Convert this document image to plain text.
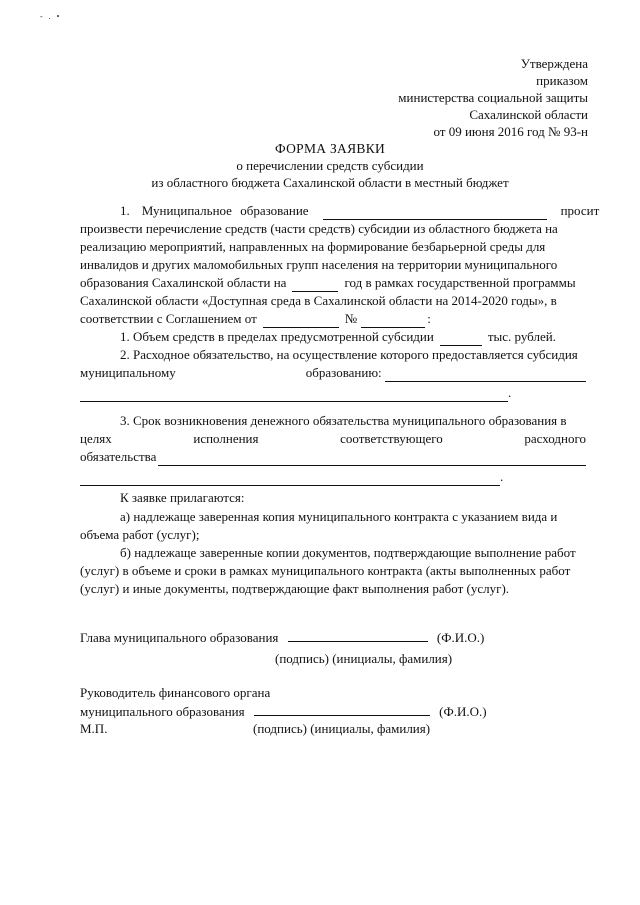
- . •
Утверждена
приказом
министерства социальной защиты
Сахалинской области
от 09 июня 2016 год № 93-н
ФОРМА ЗАЯВКИ
о перечислении средств субсидии
из областного бюджета Сахалинской области в местный бюджет
1. Муниципальное образование	просит
произвести перечисление средств (части средств) субсидии из областного бюджета на
реализацию мероприятий, направленных на формирование безбарьерной среды для
инвалидов и других маломобильных групп населения на территории муниципального
образования Сахалинской области на	год в рамках государственной программы
Сахалинской области «Доступная среда в Сахалинской области на 2014-2020 годы», в
соответствии с Соглашением от	№	:
1. Объем средств в пределах предусмотренной субсидии	тыс. рублей.
2. Расходное обязательство, на осуществление которого предоставляется субсидия
муниципальному	образованию:
.
3. Срок возникновения денежного обязательства муниципального образования в
целях	исполнения	соответствующего	расходного
обязательства
.
К заявке прилагаются:
а) надлежаще заверенная копия муниципального контракта с указанием вида и
объема работ (услуг);
б) надлежаще заверенные копии документов, подтверждающие выполнение работ
(услуг) в объеме и сроки в рамках муниципального контракта (акты выполненных работ
(услуг) и иные документы, подтверждающие факт выполнения работ (услуг).
Глава муниципального образования	(Ф.И.О.)
(подпись) (инициалы, фамилия)
Руководитель финансового органа
муниципального образования	(Ф.И.О.)
М.П.	(подпись) (инициалы, фамилия)
